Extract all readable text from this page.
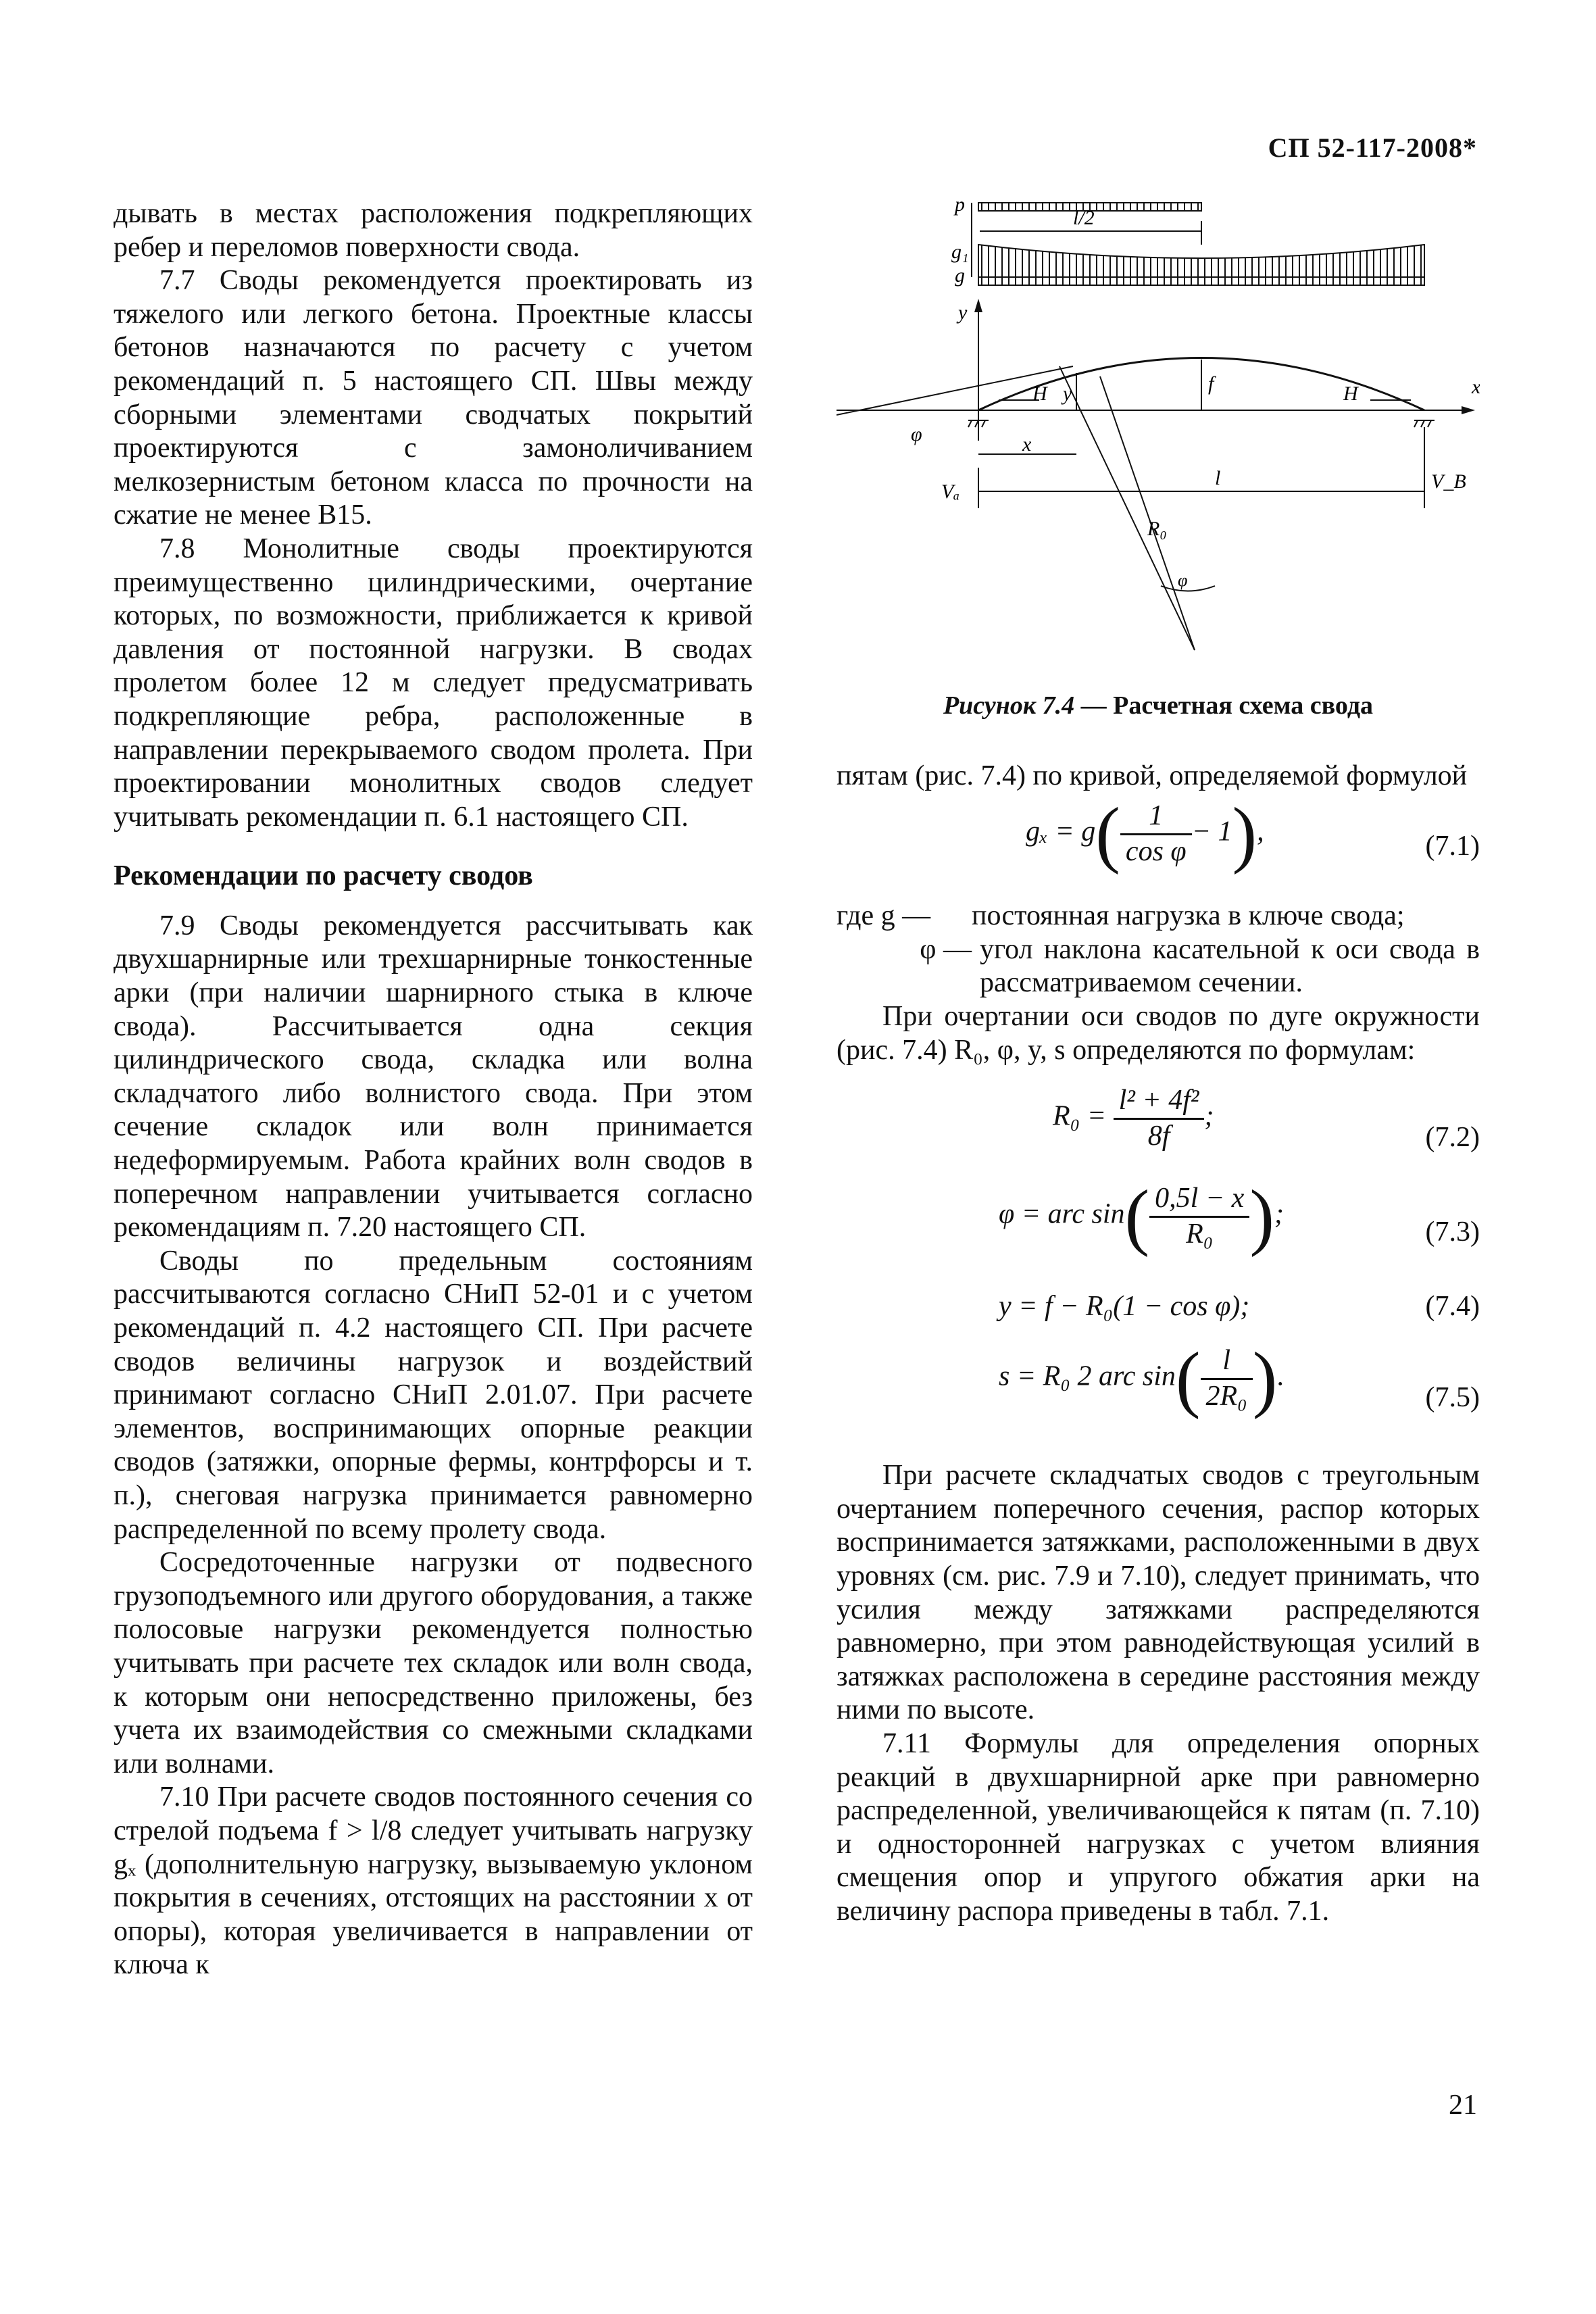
СП 52-117-2008*

дывать в местах расположения подкрепляющих ребер и переломов поверхности свода.

7.7 Своды рекомендуется проектировать из тяжелого или легкого бетона. Проектные классы бетонов назначаются по расчету с учетом рекомендаций п. 5 настоящего СП. Швы между сборными элементами сводчатых покрытий проектируются с замоноличиванием мелкозернистым бетоном класса по прочности на сжатие не менее В15.

7.8 Монолитные своды проектируются преимущественно цилиндрическими, очертание которых, по возможности, приближается к кривой давления от постоянной нагрузки. В сводах пролетом более 12 м следует предусматривать подкрепляющие ребра, расположенные в направлении перекрываемого сводом пролета. При проектировании монолитных сводов следует учитывать рекомендации п. 6.1 настоящего СП.

Рекомендации по расчету сводов

7.9 Своды рекомендуется рассчитывать как двухшарнирные или трехшарнирные тонкостенные арки (при наличии шарнирного стыка в ключе свода). Рассчитывается одна секция цилиндрического свода, складка или волна складчатого либо волнистого свода. При этом сечение складок или волн принимается недеформируемым. Работа крайних волн сводов в поперечном направлении учитывается согласно рекомендациям п. 7.20 настоящего СП.

Своды по предельным состояниям рассчитываются согласно СНиП 52-01 и с учетом рекомендаций п. 4.2 настоящего СП. При расчете сводов величины нагрузок и воздействий принимают согласно СНиП 2.01.07. При расчете элементов, воспринимающих опорные реакции сводов (затяжки, опорные фермы, контрфорсы и т. п.), снеговая нагрузка принимается равномерно распределенной по всему пролету свода.

Сосредоточенные нагрузки от подвесного грузоподъемного или другого оборудования, а также полосовые нагрузки рекомендуется полностью учитывать при расчете тех складок или волн свода, к которым они непосредственно приложены, без учета их взаимодействия со смежными складками или волнами.

7.10 При расчете сводов постоянного сечения со стрелой подъема f > l/8 следует учитывать нагрузку gₓ (дополнительную нагрузку, вызываемую уклоном покрытия в сечениях, отстоящих на расстоянии x от опоры), которая увеличивается в направлении от ключа к

p
l/2
g₁
g
y
x
H y	f	H
φ	x
l
Vₐ	V_B
R₀
φ
Рисунок 7.4 — Расчетная схема свода

пятам (рис. 7.4) по кривой, определяемой формулой

$g_x = g( \frac{1}{\text{cos φ}} - 1)$,	(7.1)
где g —	постоянная нагрузка в ключе свода;
φ — угол наклона касательной к оси свода в рассматриваемом сечении.

При очертании оси сводов по дуге окружности (рис. 7.4) R₀, φ, y, s определяются по формулам:

$R_0 = \frac{\text{l² + 4f²}}{8f}$ ;
(7.2)
φ = arc $\sin( \frac{0,5l - x}{\text{R₀}}$ );
(7.3)
y = f − R₀(1 − cos φ);	(7.4)
s = R₀ 2 arc $\sin( \frac{l}{\text{2R₀}}$ ).
(7.5)

При расчете складчатых сводов с треугольным очертанием поперечного сечения, распор которых воспринимается затяжками, расположенными в двух уровнях (см. рис. 7.9 и 7.10), следует принимать, что усилия между затяжками распределяются равномерно, при этом равнодействующая усилий в затяжках расположена в середине расстояния между ними по высоте.

7.11 Формулы для определения опорных реакций в двухшарнирной арке при равномерно распределенной, увеличивающейся к пятам (п. 7.10) и односторонней нагрузках с учетом влияния смещения опор и упругого обжатия арки на величину распора приведены в табл. 7.1.

21
